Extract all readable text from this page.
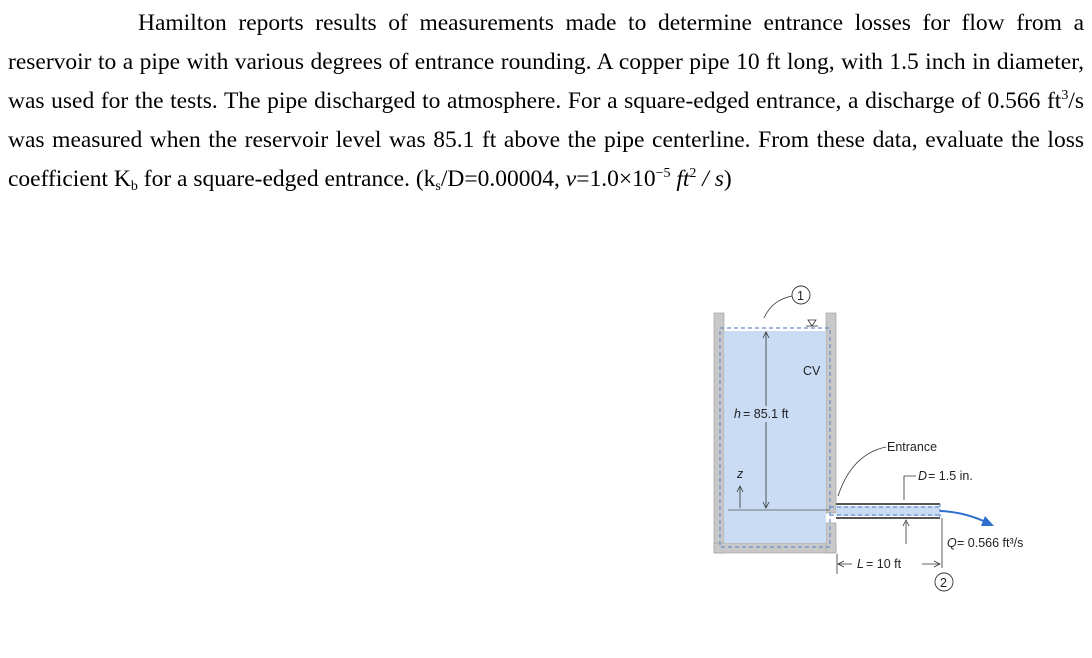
Hamilton reports results of measurements made to determine entrance losses for flow from a reservoir to a pipe with various degrees of entrance rounding. A copper pipe 10 ft long, with 1.5 inch in diameter, was used for the tests. The pipe discharged to atmosphere. For a square-edged entrance, a discharge of 0.566 $ft^3/s$ was measured when the reservoir level was 85.1 ft above the pipe centerline. From these data, evaluate the loss coefficient $K_b$ for a square-edged entrance. ($k_s/D=0.00004$, $\nu=1.0\times 10^{-5}$ $ft^2 / s$)
h = 85.1 ft
z
CV
1
Entrance
D = 1.5 in.
Q = 0.566 ft³/s
L = 10 ft
2
